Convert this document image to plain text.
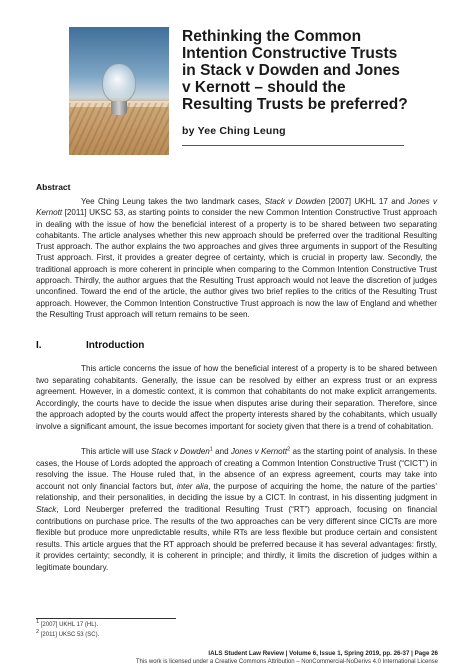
Rethinking the Common Intention Constructive Trusts in Stack v Dowden and Jones v Kernott – should the Resulting Trusts be preferred?
by Yee Ching Leung
Abstract
Yee Ching Leung takes the two landmark cases, Stack v Dowden [2007] UKHL 17 and Jones v Kernott [2011] UKSC 53, as starting points to consider the new Common Intention Constructive Trust approach in dealing with the issue of how the beneficial interest of a property is to be shared between two separating cohabitants. The article analyses whether this new approach should be preferred over the traditional Resulting Trust approach. The author explains the two approaches and gives three arguments in support of the Resulting Trust approach. First, it provides a greater degree of certainty, which is crucial in property law. Secondly, the traditional approach is more coherent in principle when comparing to the Common Intention Constructive Trust approach. Thirdly, the author argues that the Resulting Trust approach would not leave the discretion of judges unconfined. Toward the end of the article, the author gives two brief replies to the critics of the Resulting Trust approach. However, the Common Intention Constructive Trust approach is now the law of England and whether the Resulting Trust approach will return remains to be seen.
I.	Introduction
This article concerns the issue of how the beneficial interest of a property is to be shared between two separating cohabitants. Generally, the issue can be resolved by either an express trust or an express agreement. However, in a domestic context, it is common that cohabitants do not make explicit arrangements. Accordingly, the courts have to decide the issue when disputes arise during their separation. Therefore, since the approach adopted by the courts would affect the property interests shared by the cohabitants, which usually involve a significant amount, the issue becomes important for society given that there is a trend of cohabitation.
This article will use Stack v Dowden$^1$ and Jones v Kernott$^2$ as the starting point of analysis. In these cases, the House of Lords adopted the approach of creating a Common Intention Constructive Trust (“CICT”) in resolving the issue. The House ruled that, in the absence of an express agreement, courts may take into account not only financial factors but, inter alia, the purpose of acquiring the home, the nature of the parties’ relationship, and their personalities, in deciding the issue by a CICT. In contrast, in his dissenting judgment in Stack, Lord Neuberger preferred the traditional Resulting Trust (“RT”) approach, focusing on financial contributions on purchase price. The results of the two approaches can be very different since CICTs are more flexible but produce more unpredictable results, while RTs are less flexible but produce certain and consistent results. This article argues that the RT approach should be preferred because it has several advantages: firstly, it provides certainty; secondly, it is coherent in principle; and thirdly, it limits the discretion of judges within a legitimate boundary.
$^1$ [2007] UKHL 17 (HL).
$^2$ [2011] UKSC 53 (SC).
IALS Student Law Review | Volume 6, Issue 1, Spring 2019, pp. 26-37 | Page 26
This work is licensed under a Creative Commons Attribution – NonCommercial-NoDerivs 4.0 International License
